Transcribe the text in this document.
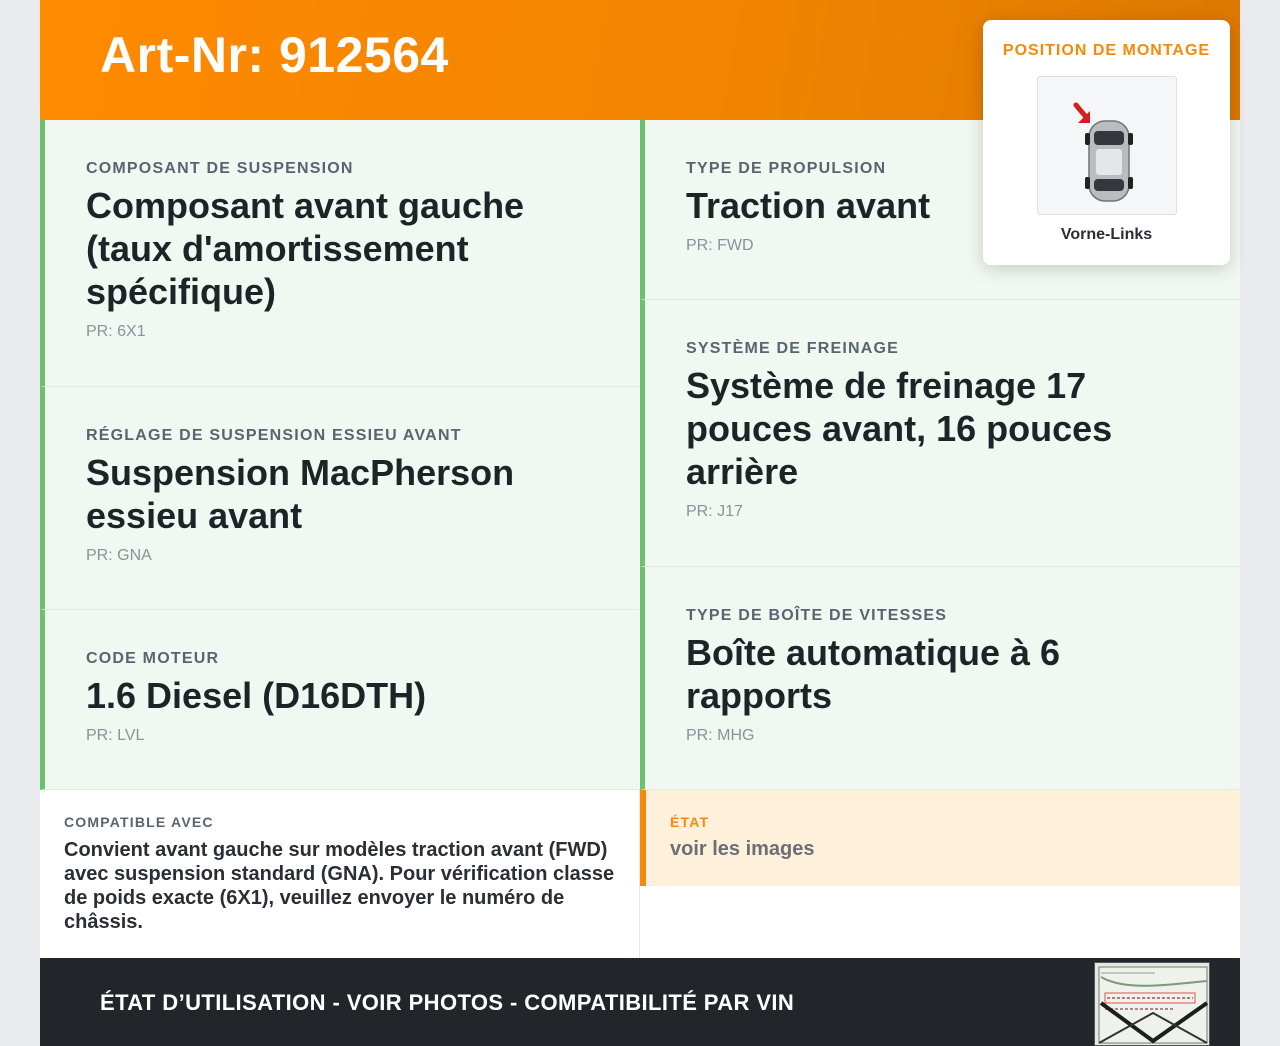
Art-Nr: 912564
COMPOSANT DE SUSPENSION
Composant avant gauche (taux d'amortissement spécifique)
PR: 6X1
RÉGLAGE DE SUSPENSION ESSIEU AVANT
Suspension MacPherson essieu avant
PR: GNA
CODE MOTEUR
1.6 Diesel (D16DTH)
PR: LVL
TYPE DE PROPULSION
Traction avant
PR: FWD
SYSTÈME DE FREINAGE
Système de freinage 17 pouces avant, 16 pouces arrière
PR: J17
TYPE DE BOÎTE DE VITESSES
Boîte automatique à 6 rapports
PR: MHG
COMPATIBLE AVEC
Convient avant gauche sur modèles traction avant (FWD) avec suspension standard (GNA). Pour vérification classe de poids exacte (6X1), veuillez envoyer le numéro de châssis.
ÉTAT
voir les images
ÉTAT D’UTILISATION - VOIR PHOTOS - COMPATIBILITÉ PAR VIN
POSITION DE MONTAGE
Vorne-Links
